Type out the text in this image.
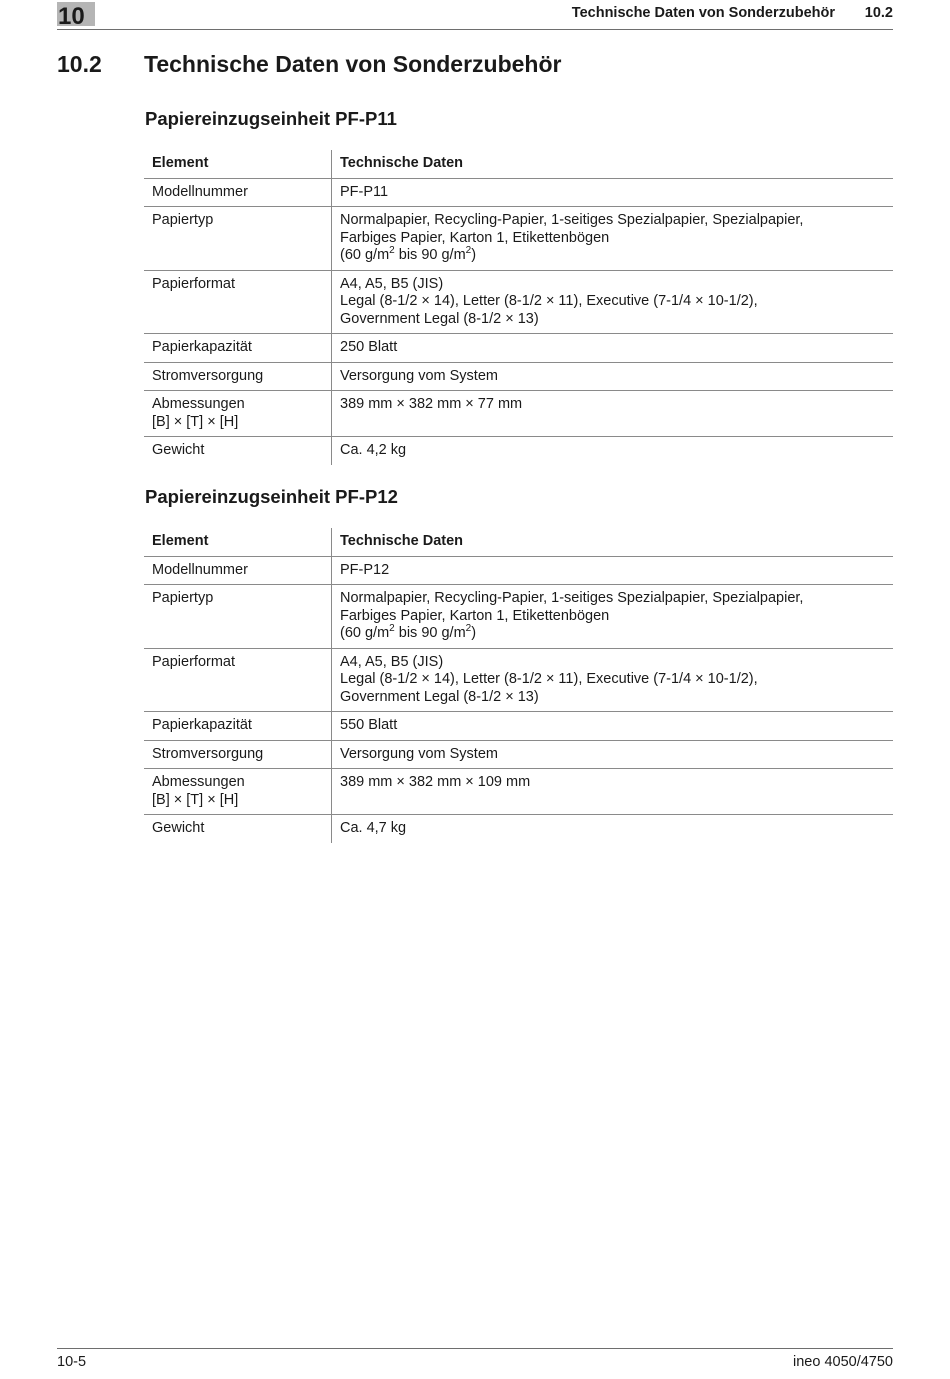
10	Technische Daten von Sonderzubehör 10.2
10.2 Technische Daten von Sonderzubehör
Papiereinzugseinheit PF-P11
Element	Technische Daten
Modellnummer	PF-P11
Papiertyp	Normalpapier, Recycling-Papier, 1-seitiges Spezialpapier, Spezialpapier,
Farbiges Papier, Karton 1, Etikettenbögen
(60 $g/m^2$ bis 90 $g/m^2$)

Papierformat	A4, A5, B5 (JIS)
Legal (8-1/2 × 14), Letter (8-1/2 × 11), Executive (7-1/4 × 10-1/2),
Government Legal (8-1/2 × 13)

Papierkapazität	250 Blatt
Stromversorgung	Versorgung vom System

Abmessungen
[B] × [T] × [H]	389 mm × 382 mm × 77 mm
Gewicht	Ca. 4,2 kg
Papiereinzugseinheit PF-P12
Element	Technische Daten
Modellnummer	PF-P12
Papiertyp	Normalpapier, Recycling-Papier, 1-seitiges Spezialpapier, Spezialpapier,
Farbiges Papier, Karton 1, Etikettenbögen
(60 $g/m^2$ bis 90 $g/m^2$)

Papierformat	A4, A5, B5 (JIS)
Legal (8-1/2 × 14), Letter (8-1/2 × 11), Executive (7-1/4 × 10-1/2),
Government Legal (8-1/2 × 13)

Papierkapazität	550 Blatt
Stromversorgung	Versorgung vom System

Abmessungen
[B] × [T] × [H]	389 mm × 382 mm × 109 mm
Gewicht	Ca. 4,7 kg
10-5	ineo 4050/4750
